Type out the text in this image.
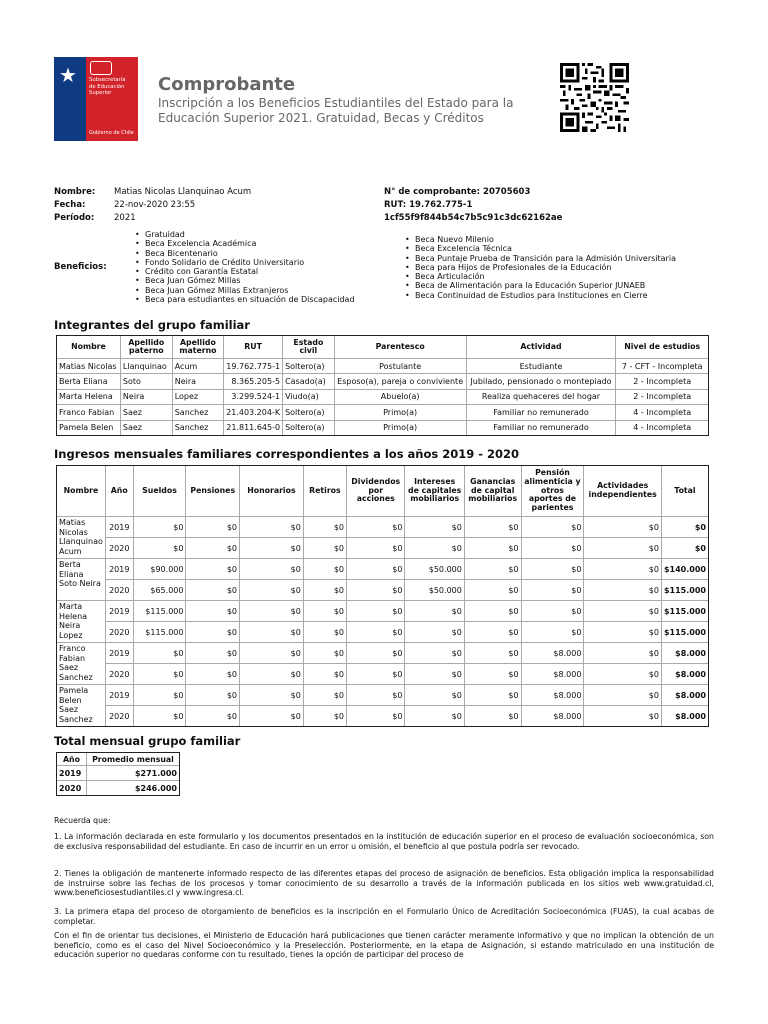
★ Subsecretaría
de Educación
Superior
Gobierno de Chile
Comprobante
Inscripción a los Beneficios Estudiantiles del Estado para la Educación Superior 2021. Gratuidad, Becas y Créditos
Nombre: Matias Nicolas Llanquinao Acum
Fecha:	22-nov-2020 23:55
Período: 2021
N° de comprobante: 20705603
RUT: 19.762.775-1
1cf55f9f844b54c7b5c91c3dc62162ae
Beneficios:
• Gratuidad
• Beca Excelencia Académica
• Beca Bicentenario
• Fondo Solidario de Crédito Universitario
• Crédito con Garantía Estatal
• Beca Juan Gómez Millas
• Beca Juan Gómez Millas Extranjeros
• Beca para estudiantes en situación de Discapacidad
• Beca Nuevo Milenio
• Beca Excelencia Técnica
• Beca Puntaje Prueba de Transición para la Admisión Universitaria
• Beca para Hijos de Profesionales de la Educación
• Beca Articulación
• Beca de Alimentación para la Educación Superior JUNAEB
• Beca Continuidad de Estudios para Instituciones en Cierre
Integrantes del grupo familiar
Nombre	Apellido paterno	Apellido materno	RUT	Estado civil	Parentesco	Actividad	Nivel de estudios
Matias Nicolas	Llanquinao	Acum	19.762.775-1	Soltero(a)	Postulante	Estudiante	7 - CFT - Incompleta
Berta Eliana	Soto	Neira	8.365.205-5	Casado(a)	Esposo(a), pareja o conviviente	Jubilado, pensionado o montepiado	2 - Incompleta
Marta Helena	Neira	Lopez	3.299.524-1	Viudo(a)	Abuelo(a)	Realiza quehaceres del hogar	2 - Incompleta
Franco Fabian	Saez	Sanchez	21.403.204-K	Soltero(a)	Primo(a)	Familiar no remunerado	4 - Incompleta
Pamela Belen	Saez	Sanchez	21.811.645-0	Soltero(a)	Primo(a)	Familiar no remunerado	4 - Incompleta
Ingresos mensuales familiares correspondientes a los años 2019 - 2020
Nombre	Año	Sueldos	Pensiones	Honorarios	Retiros	Dividendos por acciones	Intereses de capitales mobiliarios	Ganancias de capital mobiliarios	Pensión alimenticia y otros aportes de parientes	Actividades independientes	Total
Matias Nicolas Llanquinao Acum	2019	$0	$0	$0	$0	$0	$0	$0	$0	$0	$0
	2020	$0	$0	$0	$0	$0	$0	$0	$0	$0	$0
Berta Eliana Soto Neira	2019	$90.000	$0	$0	$0	$0	$50.000	$0	$0	$0	$140.000
	2020	$65.000	$0	$0	$0	$0	$50.000	$0	$0	$0	$115.000
Marta Helena Neira Lopez	2019	$115.000	$0	$0	$0	$0	$0	$0	$0	$0	$115.000
	2020	$115.000	$0	$0	$0	$0	$0	$0	$0	$0	$115.000
Franco Fabian Saez Sanchez	2019	$0	$0	$0	$0	$0	$0	$0	$8.000	$0	$8.000
	2020	$0	$0	$0	$0	$0	$0	$0	$8.000	$0	$8.000
Pamela Belen Saez Sanchez	2019	$0	$0	$0	$0	$0	$0	$0	$8.000	$0	$8.000
	2020	$0	$0	$0	$0	$0	$0	$0	$8.000	$0	$8.000
Total mensual grupo familiar
Año	Promedio mensual
2019	$271.000
2020	$246.000
Recuerda que:
1. La información declarada en este formulario y los documentos presentados en la institución de educación superior en el proceso de evaluación socioeconómica, son de exclusiva responsabilidad del estudiante. En caso de incurrir en un error u omisión, el beneficio al que postula podría ser revocado.
2. Tienes la obligación de mantenerte informado respecto de las diferentes etapas del proceso de asignación de beneficios. Esta obligación implica la responsabilidad de instruirse sobre las fechas de los procesos y tomar conocimiento de su desarrollo a través de la información publicada en los sitios web www.gratuidad.cl, www.beneficiosestudiantiles.cl y www.ingresa.cl.
3. La primera etapa del proceso de otorgamiento de beneficios es la inscripción en el Formulario Único de Acreditación Socioeconómica (FUAS), la cual acabas de completar.
Con el fin de orientar tus decisiones, el Ministerio de Educación hará publicaciones que tienen carácter meramente informativo y que no implican la obtención de un beneficio, como es el caso del Nivel Socioeconómico y la Preselección. Posteriormente, en la etapa de Asignación, si estando matriculado en una institución de educación superior no quedaras conforme con tu resultado, tienes la opción de participar del proceso de
